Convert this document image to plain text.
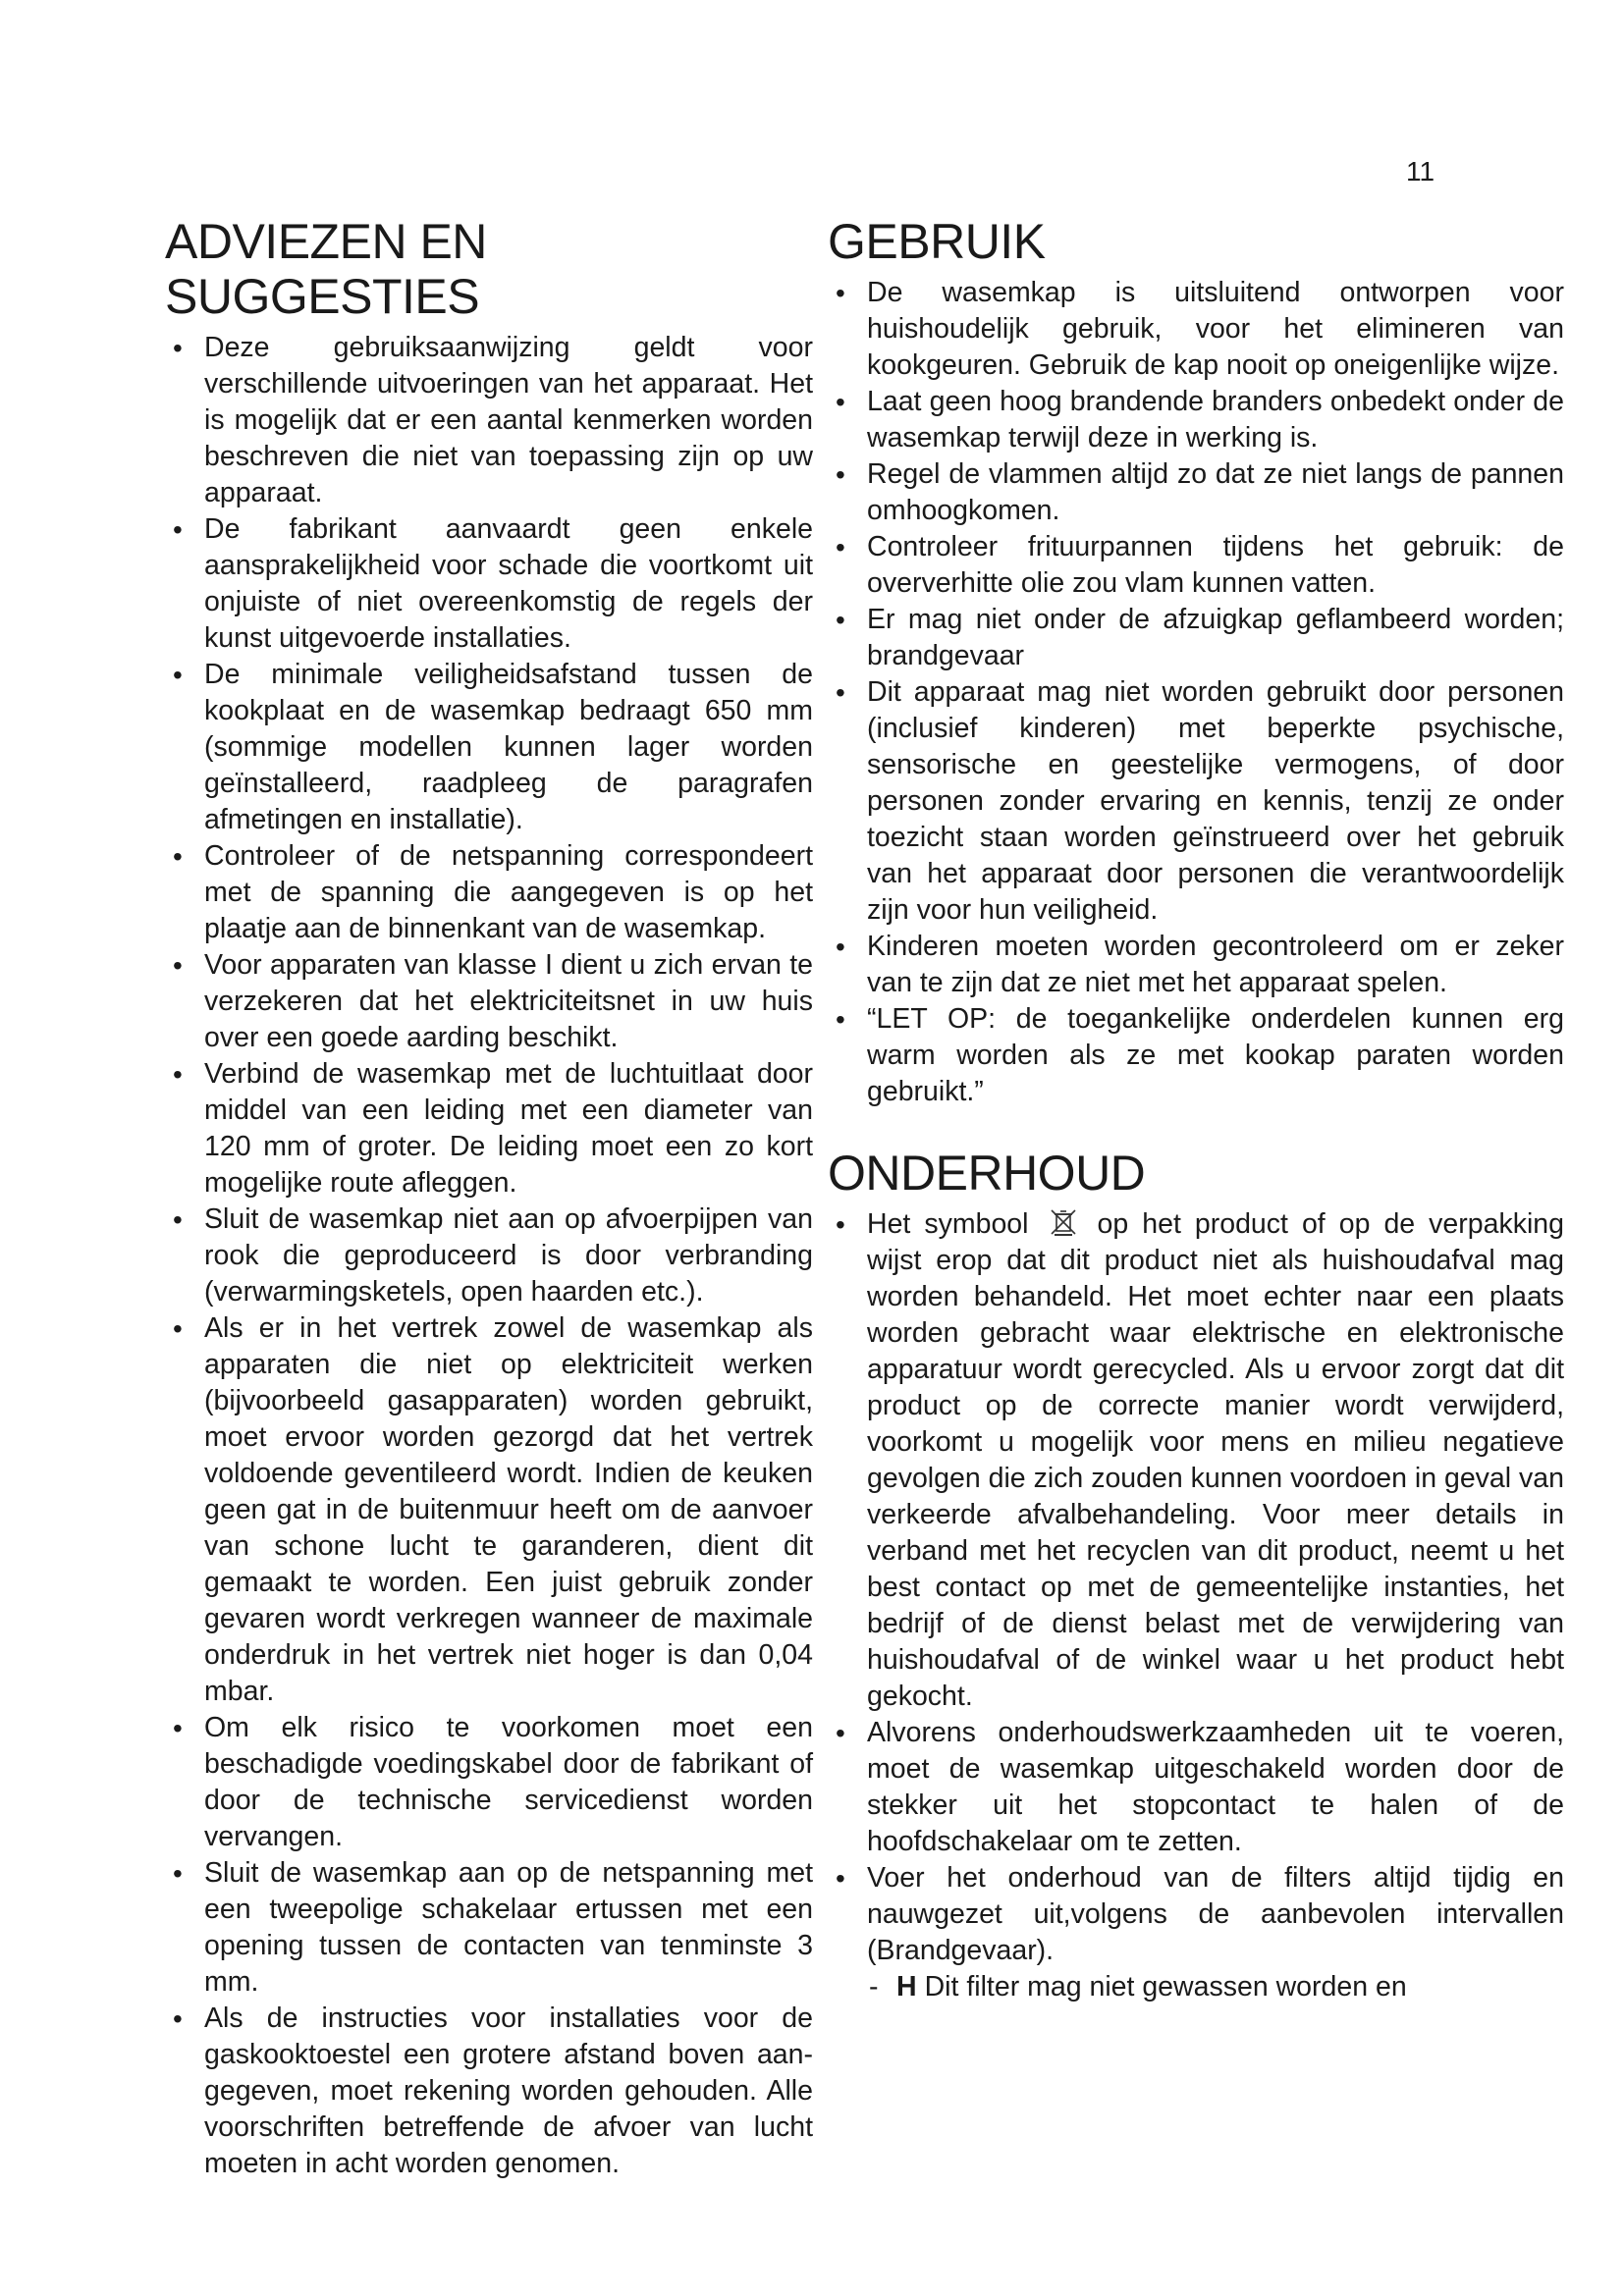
11
ADVIEZEN EN SUGGESTIES
• Deze gebruiksaanwijzing geldt voor verschillende uitvoeringen van het apparaat. Het is mogelijk dat er een aantal kenmerken worden beschreven die niet van toepassing zijn op uw apparaat.
• De fabrikant aanvaardt geen enkele aansprakelijkheid voor schade die voortkomt uit onjuiste of niet overeenkomstig de regels der kunst uitgevoerde installaties.
• De minimale veiligheidsafstand tussen de kookplaat en de wasemkap bedraagt 650 mm (sommige modellen kunnen lager worden geïnstalleerd, raadpleeg de paragrafen afmetingen en installatie).
• Controleer of de netspanning correspondeert met de spanning die aangegeven is op het plaatje aan de binnenkant van de wasemkap.
• Voor apparaten van klasse I dient u zich ervan te verzekeren dat het elektriciteitsnet in uw huis over een goede aarding beschikt.
• Verbind de wasemkap met de luchtuitlaat door middel van een leiding met een diameter van 120 mm of groter. De leiding moet een zo kort mogelijke route afleggen.
• Sluit de wasemkap niet aan op afvoerpijpen van rook die geproduceerd is door verbranding (verwarmingsketels, open haarden etc.).
• Als er in het vertrek zowel de wasemkap als apparaten die niet op elektriciteit werken (bijvoorbeeld gasapparaten) worden gebruikt, moet ervoor worden gezorgd dat het vertrek voldoende geventileerd wordt. Indien de keuken geen gat in de buitenmuur heeft om de aanvoer van schone lucht te garanderen, dient dit gemaakt te worden. Een juist gebruik zonder gevaren wordt verkregen wanneer de maximale onderdruk in het vertrek niet hoger is dan 0,04 mbar.
• Om elk risico te voorkomen moet een beschadigde voedingskabel door de fabrikant of door de technische servicedienst worden vervangen.
• Sluit de wasemkap aan op de netspanning met een tweepolige schakelaar ertussen met een opening tussen de contacten van tenminste 3 mm.
• Als de instructies voor installaties voor de gaskooktoestel een grotere afstand boven aan-gegeven, moet rekening worden gehouden. Alle voorschriften betreffende de afvoer van lucht moeten in acht worden genomen.
GEBRUIK
• De wasemkap is uitsluitend ontworpen voor huishoudelijk gebruik, voor het elimineren van kookgeuren. Gebruik de kap nooit op oneigenlijke wijze.
• Laat geen hoog brandende branders onbedekt onder de wasemkap terwijl deze in werking is.
• Regel de vlammen altijd zo dat ze niet langs de pannen omhoogkomen.
• Controleer frituurpannen tijdens het gebruik: de oververhitte olie zou vlam kunnen vatten.
• Er mag niet onder de afzuigkap geflambeerd worden; brandgevaar
• Dit apparaat mag niet worden gebruikt door personen (inclusief kinderen) met beperkte psychische, sensorische en geestelijke vermogens, of door personen zonder ervaring en kennis, tenzij ze onder toezicht staan worden geïnstrueerd over het gebruik van het apparaat door personen die verantwoordelijk zijn voor hun veiligheid.
• Kinderen moeten worden gecontroleerd om er zeker van te zijn dat ze niet met het apparaat spelen.
• “LET OP: de toegankelijke onderdelen kunnen erg warm worden als ze met kookap paraten worden gebruikt.”
ONDERHOUD
• Het symbool op het product of op de verpakking wijst erop dat dit product niet als huishoudafval mag worden behandeld. Het moet echter naar een plaats worden gebracht waar elektrische en elektronische apparatuur wordt gerecycled. Als u ervoor zorgt dat dit product op de correcte manier wordt verwijderd, voorkomt u mogelijk voor mens en milieu negatieve gevolgen die zich zouden kunnen voordoen in geval van verkeerde afvalbehandeling. Voor meer details in verband met het recyclen van dit product, neemt u het best contact op met de gemeentelijke instanties, het bedrijf of de dienst belast met de verwijdering van huishoudafval of de winkel waar u het product hebt gekocht.
• Alvorens onderhoudswerkzaamheden uit te voeren, moet de wasemkap uitgeschakeld worden door de stekker uit het stopcontact te halen of de hoofdschakelaar om te zetten.
• Voer het onderhoud van de filters altijd tijdig en nauwgezet uit,volgens de aanbevolen intervallen (Brandgevaar).
- H Dit filter mag niet gewassen worden en
